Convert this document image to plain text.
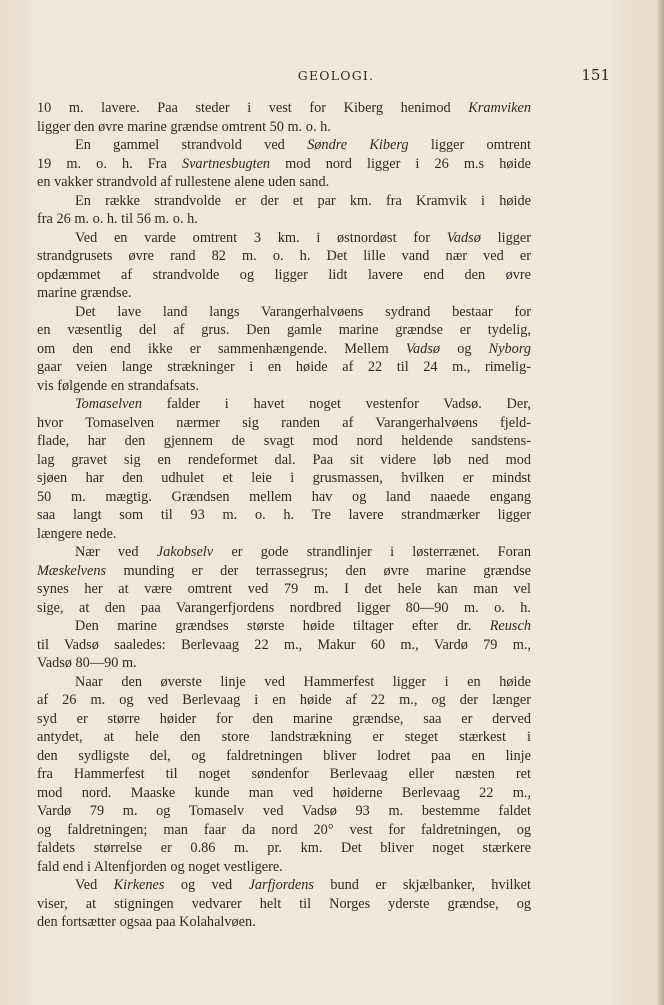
GEOLOGI.	151
10 m. lavere. Paa steder i vest for Kiberg henimod Kramviken
ligger den øvre marine grændse omtrent 50 m. o. h.
En gammel strandvold ved Søndre Kiberg ligger omtrent
19 m. o. h. Fra Svartnesbugten mod nord ligger i 26 m.s høide
en vakker strandvold af rullestene alene uden sand.
En række strandvolde er der et par km. fra Kramvik i høide
fra 26 m. o. h. til 56 m. o. h.
Ved en varde omtrent 3 km. i østnordøst for Vadsø ligger
strandgrusets øvre rand 82 m. o. h. Det lille vand nær ved er
opdæmmet af strandvolde og ligger lidt lavere end den øvre
marine grændse.
Det lave land langs Varangerhalvøens sydrand bestaar for
en væsentlig del af grus. Den gamle marine grændse er tydelig,
om den end ikke er sammenhængende. Mellem Vadsø og Nyborg
gaar veien lange strækninger i en høide af 22 til 24 m., rimelig-
vis følgende en strandafsats.
Tomaselven falder i havet noget vestenfor Vadsø. Der,
hvor Tomaselven nærmer sig randen af Varangerhalvøens fjeld-
flade, har den gjennem de svagt mod nord heldende sandstens-
lag gravet sig en rendeformet dal. Paa sit videre løb ned mod
sjøen har den udhulet et leie i grusmassen, hvilken er mindst
50 m. mægtig. Grændsen mellem hav og land naaede engang
saa langt som til 93 m. o. h. Tre lavere strandmærker ligger
længere nede.
Nær ved Jakobselv er gode strandlinjer i løsterrænet. Foran
Mæskelvens munding er der terrassegrus; den øvre marine grændse
synes her at være omtrent ved 79 m. I det hele kan man vel
sige, at den paa Varangerfjordens nordbred ligger 80—90 m. o. h.
Den marine grændses største høide tiltager efter dr. Reusch
til Vadsø saaledes: Berlevaag 22 m., Makur 60 m., Vardø 79 m.,
Vadsø 80—90 m.
Naar den øverste linje ved Hammerfest ligger i en høide
af 26 m. og ved Berlevaag i en høide af 22 m., og der længer
syd er større høider for den marine grændse, saa er derved
antydet, at hele den store landstrækning er steget stærkest i
den sydligste del, og faldretningen bliver lodret paa en linje
fra Hammerfest til noget søndenfor Berlevaag eller næsten ret
mod nord. Maaske kunde man ved høiderne Berlevaag 22 m.,
Vardø 79 m. og Tomaselv ved Vadsø 93 m. bestemme faldet
og faldretningen; man faar da nord 20° vest for faldretningen, og
faldets størrelse er 0.86 m. pr. km. Det bliver noget stærkere
fald end i Altenfjorden og noget vestligere.
Ved Kirkenes og ved Jarfjordens bund er skjælbanker, hvilket
viser, at stigningen vedvarer helt til Norges yderste grændse, og
den fortsætter ogsaa paa Kolahalvøen.
